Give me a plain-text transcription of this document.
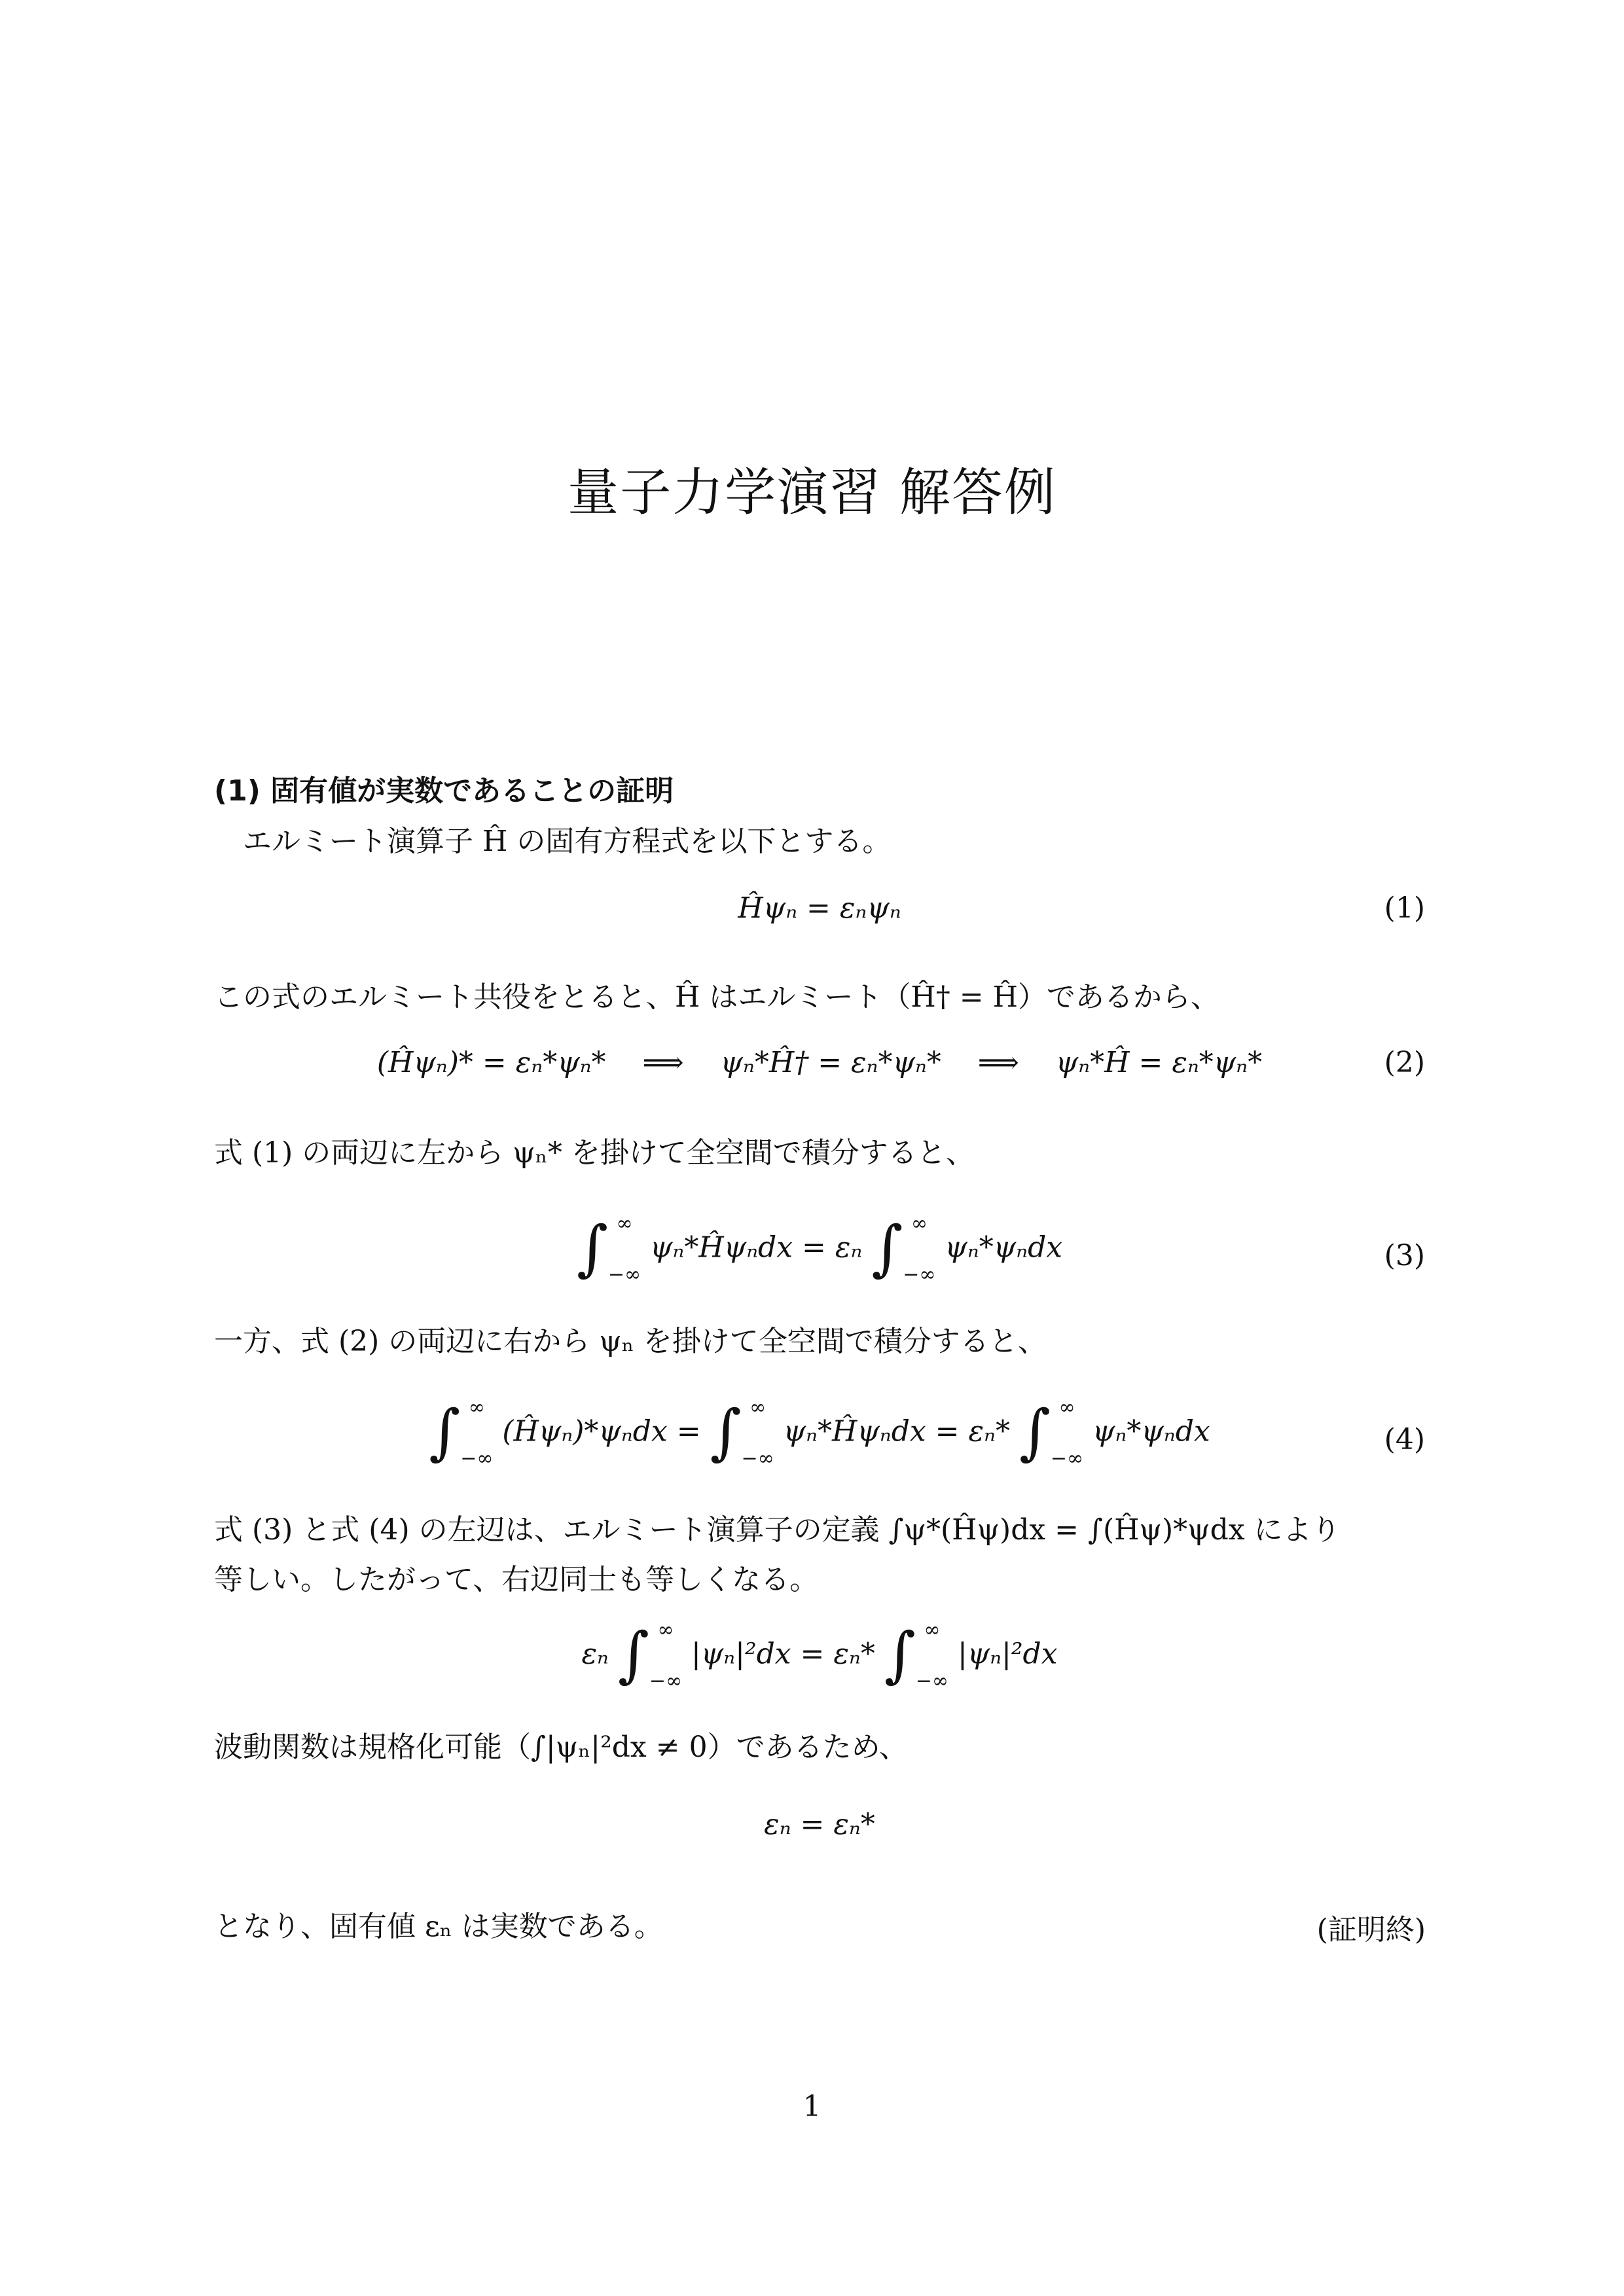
量子力学演習 解答例
(1) 固有値が実数であることの証明
エルミート演算子 Ĥ の固有方程式を以下とする。
Ĥψₙ = εₙψₙ	(1)
この式のエルミート共役をとると、Ĥ はエルミート（Ĥ† = Ĥ）であるから、
(Ĥψₙ)* = εₙ*ψₙ*    ⟹    ψₙ*Ĥ† = εₙ*ψₙ*    ⟹    ψₙ*Ĥ = εₙ*ψₙ*	(2)
式 (1) の両辺に左から ψₙ* を掛けて全空間で積分すると、
∫ ∞
−∞
ψₙ*Ĥψₙdx = εₙ ∫ ∞
−∞
ψₙ*ψₙdx	(3)
一方、式 (2) の両辺に右から ψₙ を掛けて全空間で積分すると、
∫ ∞
−∞
(Ĥψₙ)*ψₙdx = ∫ ∞
−∞
ψₙ*Ĥψₙdx = εₙ* ∫ ∞
−∞
ψₙ*ψₙdx	(4)
式 (3) と式 (4) の左辺は、エルミート演算子の定義 ∫ψ*(Ĥψ)dx = ∫(Ĥψ)*ψdx により
等しい。したがって、右辺同士も等しくなる。
εₙ ∫ ∞
−∞
|ψₙ|²dx = εₙ* ∫ ∞
−∞
|ψₙ|²dx
波動関数は規格化可能（∫|ψₙ|²dx ≠ 0）であるため、
εₙ = εₙ*
となり、固有値 εₙ は実数である。	(証明終)
1
